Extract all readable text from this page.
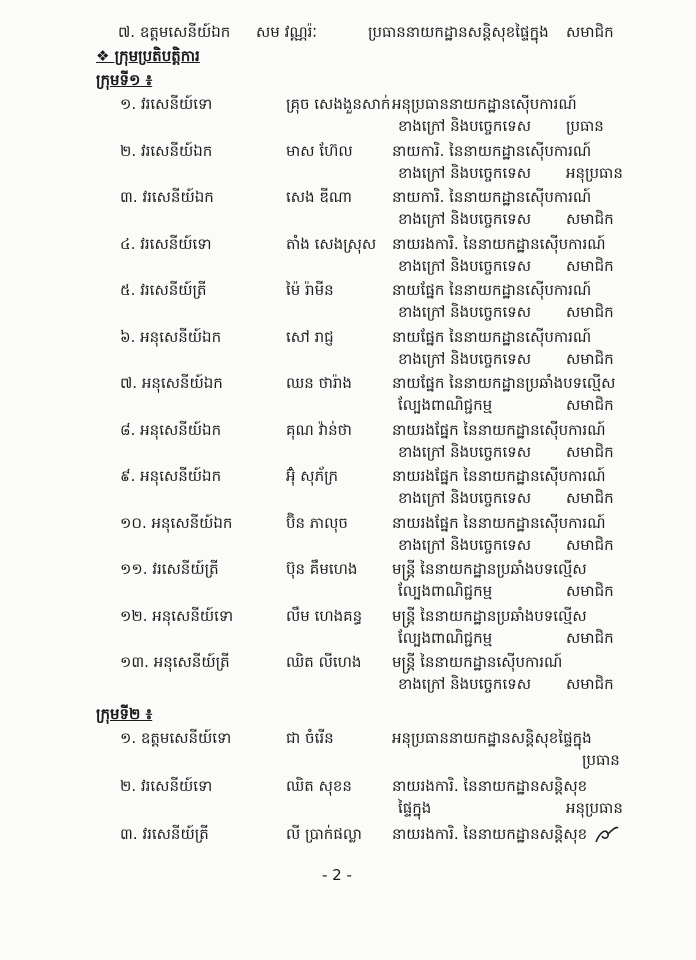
៧. ឧត្តមសេនីយ៍ឯក សម វណ្ណរ៉ៈ	ប្រធាននាយកដ្ឋានសន្តិសុខផ្ទៃក្នុង សមាជិក
❖ ក្រុមប្រតិបត្តិការ
ក្រុមទី១ ៖
១. វរសេនីយ៍ទោ	គ្រុច សេងងួនសាក់ អនុប្រធាននាយកដ្ឋានស៊ើបការណ៍
ខាងក្រៅ និងបច្ចេកទេស ប្រធាន
២. វរសេនីយ៍ឯក	មាស ហ៊ែល	នាយការិ. នៃនាយកដ្ឋានស៊ើបការណ៍
ខាងក្រៅ និងបច្ចេកទេស អនុប្រធាន
៣. វរសេនីយ៍ឯក	សេង ឌីណា	នាយការិ. នៃនាយកដ្ឋានស៊ើបការណ៍
ខាងក្រៅ និងបច្ចេកទេស សមាជិក
៤. វរសេនីយ៍ទោ	តាំង សេងស្រុស នាយរងការិ. នៃនាយកដ្ឋានស៊ើបការណ៍
ខាងក្រៅ និងបច្ចេកទេស សមាជិក
៥. វរសេនីយ៍ត្រី	ម៉ៃ រ៉ាមីន	នាយផ្នែក នៃនាយកដ្ឋានស៊ើបការណ៍
ខាងក្រៅ និងបច្ចេកទេស សមាជិក
៦. អនុសេនីយ៍ឯក	សៅ រាជ្ញ	នាយផ្នែក នៃនាយកដ្ឋានស៊ើបការណ៍
ខាងក្រៅ និងបច្ចេកទេស សមាជិក
៧. អនុសេនីយ៍ឯក	ឈន ថារ៉ាង	នាយផ្នែក នៃនាយកដ្ឋានប្រឆាំងបទល្មើស
ល្បែងពាណិជ្ជកម្ម	សមាជិក
៨. អនុសេនីយ៍ឯក	គុណ វ៉ាន់ថា	នាយរងផ្នែក នៃនាយកដ្ឋានស៊ើបការណ៍
ខាងក្រៅ និងបច្ចេកទេស សមាជិក
៩. អនុសេនីយ៍ឯក	អ៊ុំ សុភ័ក្រ	នាយរងផ្នែក នៃនាយកដ្ឋានស៊ើបការណ៍
ខាងក្រៅ និងបច្ចេកទេស សមាជិក
១០. អនុសេនីយ៍ឯក	ប៊ិន ភាលុច	នាយរងផ្នែក នៃនាយកដ្ឋានស៊ើបការណ៍
ខាងក្រៅ និងបច្ចេកទេស សមាជិក
១១. វរសេនីយ៍ត្រី	ប៊ុន គឹមហេង មន្ត្រី នៃនាយកដ្ឋានប្រឆាំងបទល្មើស
ល្បែងពាណិជ្ជកម្ម	សមាជិក
១២. អនុសេនីយ៍ទោ	លឹម ហេងគន្ធ មន្ត្រី នៃនាយកដ្ឋានប្រឆាំងបទល្មើស
ល្បែងពាណិជ្ជកម្ម	សមាជិក
១៣. អនុសេនីយ៍ត្រី	ឈិត លីហេង មន្ត្រី នៃនាយកដ្ឋានស៊ើបការណ៍
ខាងក្រៅ និងបច្ចេកទេស សមាជិក
ក្រុមទី២ ៖
១. ឧត្តមសេនីយ៍ទោ	ជា ចំរើន	អនុប្រធាននាយកដ្ឋានសន្តិសុខផ្ទៃក្នុង
ប្រធាន
២. វរសេនីយ៍ទោ	ឈិត សុខន	នាយរងការិ. នៃនាយកដ្ឋានសន្តិសុខ
ផ្ទៃក្នុង	អនុប្រធាន
៣. វរសេនីយ៍ត្រី	លី ប្រាក់ផល្លា នាយរងការិ. នៃនាយកដ្ឋានសន្តិសុខ
- 2 -
